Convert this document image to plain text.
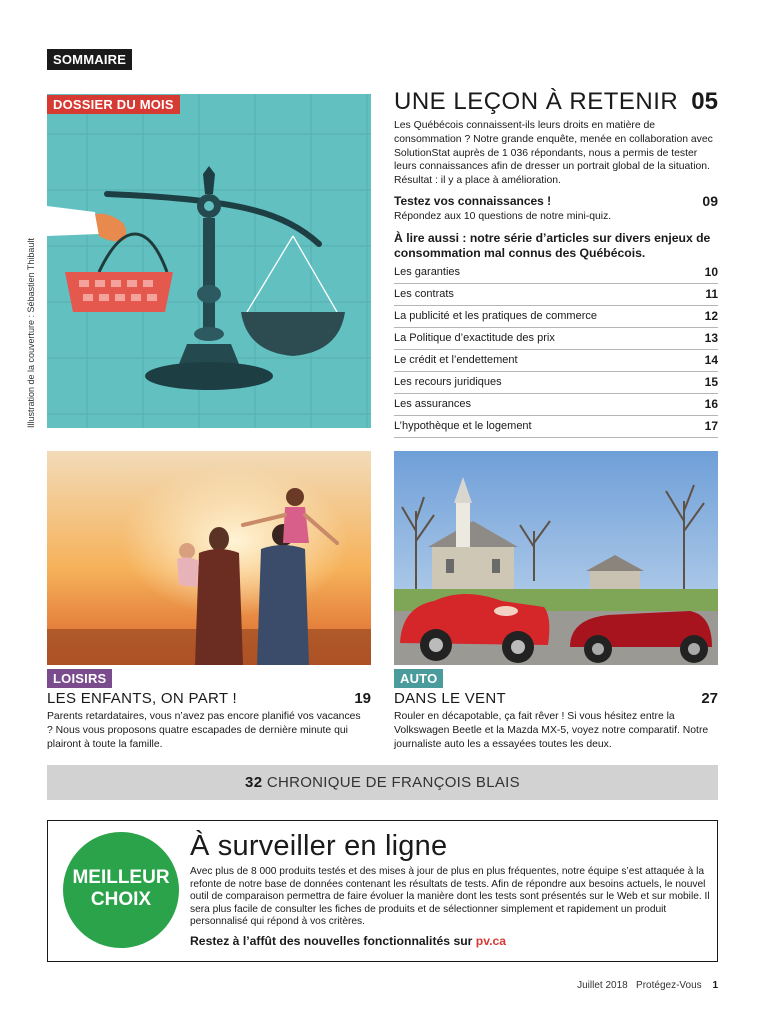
SOMMAIRE
DOSSIER DU MOIS
Illustration de la couverture : Sébastien Thibault
UNE LEÇON À RETENIR 05
Les Québécois connaissent-ils leurs droits en matière de consommation ? Notre grande enquête, menée en collaboration avec SolutionStat auprès de 1 036 répondants, nous a permis de tester leurs connaissances afin de dresser un portrait global de la situation. Résultat : il y a place à amélioration.
Testez vos connaissances !	09
Répondez aux 10 questions de notre mini-quiz.
À lire aussi : notre série d’articles sur divers enjeux de consommation mal connus des Québécois.
Les garanties	10
Les contrats	11
La publicité et les pratiques de commerce	12
La Politique d’exactitude des prix	13
Le crédit et l’endettement	14
Les recours juridiques	15
Les assurances	16
L’hypothèque et le logement	17
LOISIRS	AUTO
LES ENFANTS, ON PART !	19
Parents retardataires, vous n’avez pas encore planifié vos vacances ? Nous vous proposons quatre escapades de dernière minute qui plairont à toute la famille.
DANS LE VENT	27
Rouler en décapotable, ça fait rêver ! Si vous hésitez entre la Volkswagen Beetle et la Mazda MX-5, voyez notre comparatif. Notre journaliste auto les a essayées toutes les deux.
32 CHRONIQUE DE FRANÇOIS BLAIS
MEILLEUR
CHOIX
À surveiller en ligne
Avec plus de 8 000 produits testés et des mises à jour de plus en plus fréquentes, notre équipe s’est attaquée à la refonte de notre base de données contenant les résultats de tests. Afin de répondre aux besoins actuels, le nouvel outil de comparaison permettra de faire évoluer la manière dont les tests sont présentés sur le Web et sur mobile. Il sera plus facile de consulter les fiches de produits et de sélectionner simplement et rapidement un produit personnalisé qui répond à vos critères.
Restez à l’affût des nouvelles fonctionnalités sur pv.ca
Juillet 2018 Protégez-Vous 1
